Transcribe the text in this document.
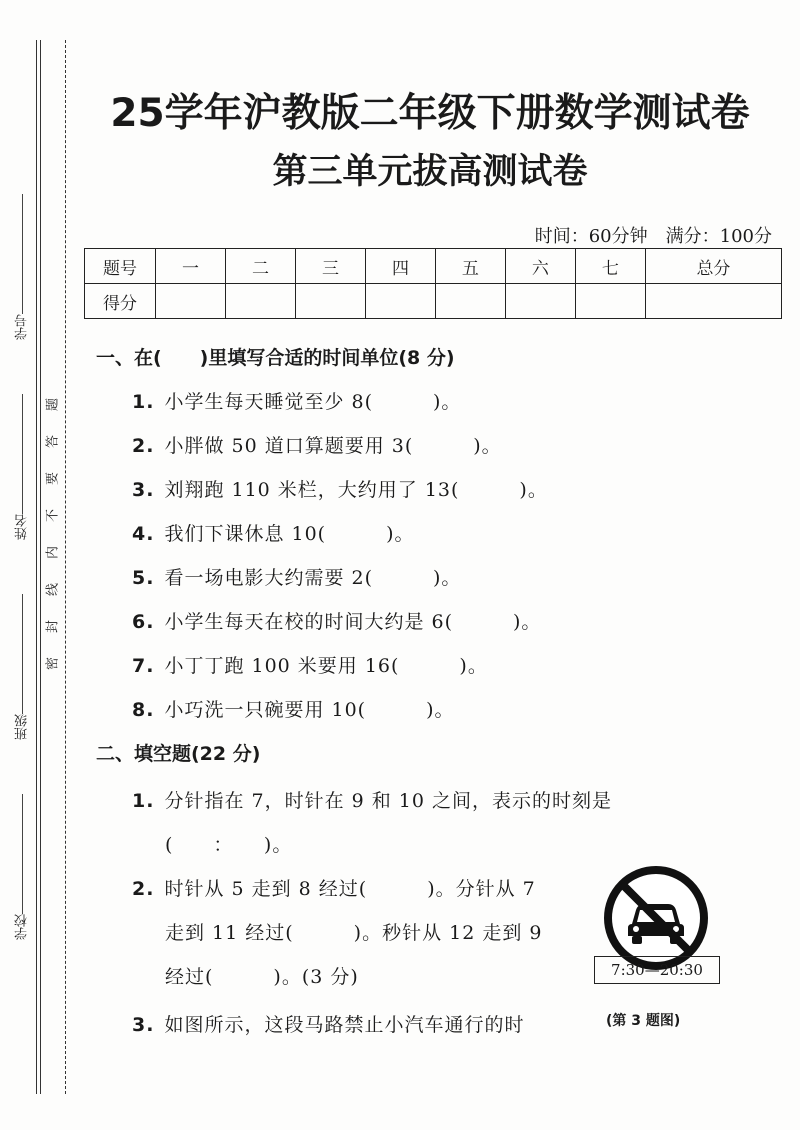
学号
姓名
班级
学校
题
答
要
不
内
线
封
密
25学年沪教版二年级下册数学测试卷
第三单元拔高测试卷
时间：60分钟 满分：100分
题号	一	二	三	四	五	六	七	总分
得分								
一、在(　　)里填写合适的时间单位(8 分)
1. 小学生每天睡觉至少 8(　　　)。
2. 小胖做 50 道口算题要用 3(　　　)。
3. 刘翔跑 110 米栏，大约用了 13(　　　)。
4. 我们下课休息 10(　　　)。
5. 看一场电影大约需要 2(　　　)。
6. 小学生每天在校的时间大约是 6(　　　)。
7. 小丁丁跑 100 米要用 16(　　　)。
8. 小巧洗一只碗要用 10(　　　)。
二、填空题(22 分)
1. 分针指在 7，时针在 9 和 10 之间，表示的时刻是
(　　：　　)。
2. 时针从 5 走到 8 经过(　　　)。分针从 7
走到 11 经过(　　　)。秒针从 12 走到 9
经过(　　　)。(3 分)
3. 如图所示，这段马路禁止小汽车通行的时
7:30—20:30
(第 3 题图)
